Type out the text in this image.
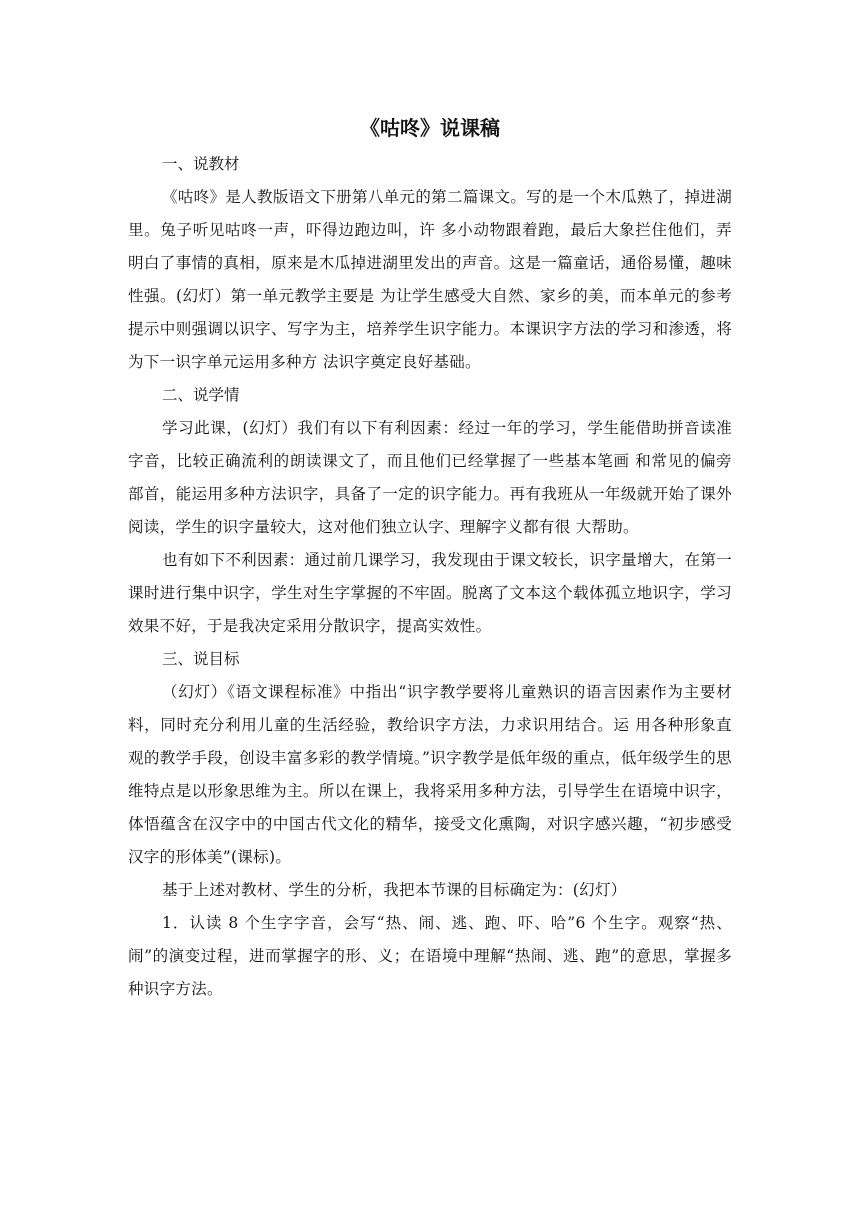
《咕咚》说课稿

一、说教材

《咕咚》是人教版语文下册第八单元的第二篇课文。写的是一个木瓜熟了，掉进湖里。兔子听见咕咚一声，吓得边跑边叫，许 多小动物跟着跑，最后大象拦住他们，弄明白了事情的真相，原来是木瓜掉进湖里发出的声音。这是一篇童话，通俗易懂，趣味性强。(幻灯）第一单元教学主要是 为让学生感受大自然、家乡的美，而本单元的参考提示中则强调以识字、写字为主，培养学生识字能力。本课识字方法的学习和渗透，将为下一识字单元运用多种方 法识字奠定良好基础。

二、说学情

学习此课，(幻灯）我们有以下有利因素：经过一年的学习，学生能借助拼音读准字音，比较正确流利的朗读课文了，而且他们已经掌握了一些基本笔画 和常见的偏旁部首，能运用多种方法识字，具备了一定的识字能力。再有我班从一年级就开始了课外阅读，学生的识字量较大，这对他们独立认字、理解字义都有很 大帮助。

也有如下不利因素：通过前几课学习，我发现由于课文较长，识字量增大，在第一课时进行集中识字，学生对生字掌握的不牢固。脱离了文本这个载体孤立地识字，学习效果不好，于是我决定采用分散识字，提高实效性。

三、说目标

（幻灯）《语文课程标准》中指出“识字教学要将儿童熟识的语言因素作为主要材料，同时充分利用儿童的生活经验，教给识字方法，力求识用结合。运 用各种形象直观的教学手段，创设丰富多彩的教学情境。”识字教学是低年级的重点，低年级学生的思维特点是以形象思维为主。所以在课上，我将采用多种方法，引导学生在语境中识字，体悟蕴含在汉字中的中国古代文化的精华，接受文化熏陶，对识字感兴趣，“初步感受汉字的形体美”(课标)。

基于上述对教材、学生的分析，我把本节课的目标确定为：(幻灯）

1．认读 8 个生字字音，会写“热、闹、逃、跑、吓、哈”6 个生字。观察“热、闹”的演变过程，进而掌握字的形、义；在语境中理解“热闹、逃、跑”的意思，掌握多种识字方法。
